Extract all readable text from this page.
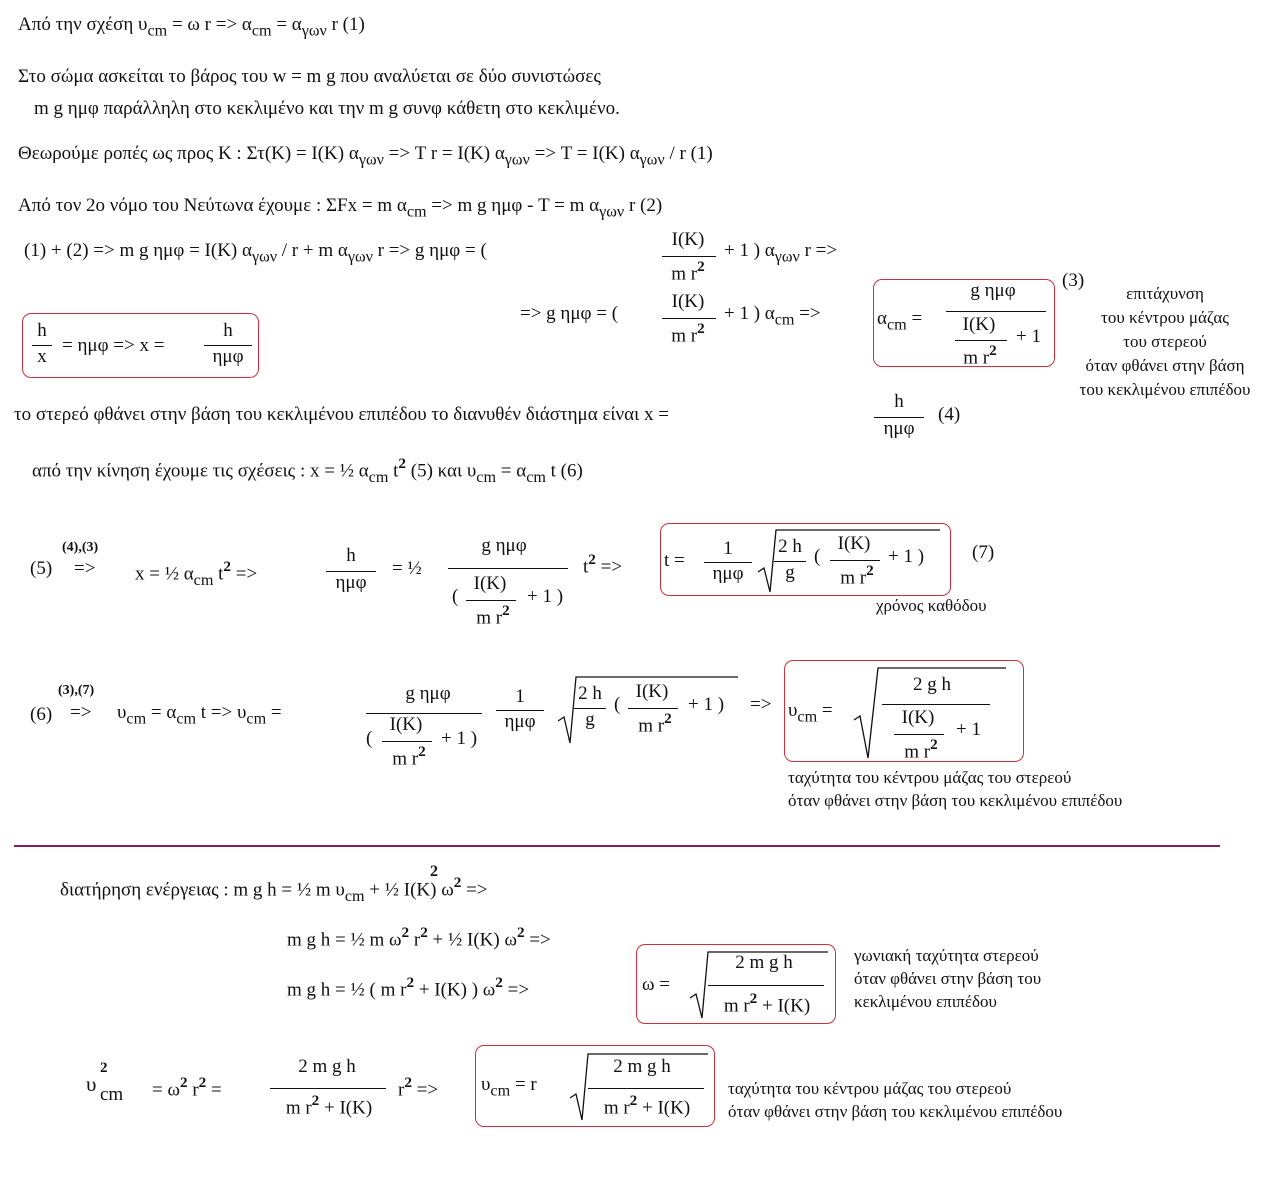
Από την σχέση $\upsilon_{cm} = \omega$ $r => \alpha_{cm} = \alpha_{\gamma\omega\nu}$ r (1)
Στο σώμα ασκείται το βάρος του w = m g που αναλύεται σε δύο συνιστώσες
m g ημφ παράλληλη στο κεκλιμένο και την m g συνφ κάθετη στο κεκλιμένο.
Θεωρούμε ροπές ως προς Κ : Στ(Κ) = Ι(Κ) $\alpha_{\gamma\omega\nu} => T$ r = I(K) $\alpha_{\gamma\omega\nu} => T = I(K)$ $\alpha_{\gamma\omega\nu}$ / r (1)
Από τον 2ο νόμο του Νεύτωνα έχουμε : ΣFx = m $\alpha_{cm} => m$ g ημφ - T = m $\alpha_{\gamma\omega\nu}$ r (2)
(1) + (2) => m g ημφ = I(K) $\alpha_{\gamma\omega\nu} / r + m$ $\alpha_{\gamma\omega\nu}$ r => g ημφ = (
I(K)
m $r^2$
+ 1 ) $\alpha_{\gamma\omega\nu}$ r =>
=> g ημφ = (
I(K)
m $r^2$
+ 1 ) $\alpha_{cm}$ =>	$\alpha_{cm}$ =
g ημφ
I(K)
m $r^2$
+ 1
(3)
επιτάχυνση
του κέντρου μάζας
του στερεού
όταν φθάνει στην βάση
του κεκλιμένου επιπέδου
h
x
= ημφ => x =
h
ημφ
το στερεό φθάνει στην βάση του κεκλιμένου επιπέδου το διανυθέν διάστημα είναι x =
h
ημφ
(4)
από την κίνηση έχουμε τις σχέσεις : x = ½ $\alpha_{cm}$ $t^2$ (5) και $\upsilon_{cm} = \alpha_{cm}$ t (6)
(5)
(4),(3)
=> x = ½ $\alpha_{cm}$ $t^2$ =>
h
ημφ
= ½
g ημφ
(
I(K)
m $r^2$
+ 1 )
$t^2 => t$ =
1
ημφ
2 h
g
(
I(K)
m $r^2$
+ 1 )	(7)
χρόνος καθόδου
(6)
(3),(7)
=> $\upsilon_{cm} = \alpha_{cm}$ $t => \upsilon_{cm}$ =
g ημφ
(
I(K)
m $r^2$
+ 1 )
1
ημφ
2 h
g
(
I(K)
m $r^2$
+ 1 ) => $\upsilon_{cm}$ =
2 g h
I(K)
m $r^2$
+ 1
ταχύτητα του κέντρου μάζας του στερεού
όταν φθάνει στην βάση του κεκλιμένου επιπέδου
διατήρηση ενέργειας : m g h = ½ m $\upsilon_{cm}$ + ½ I(K) $\omega^2$ =>
2
m g h = ½ m $\omega^2$ $r^2$ + ½ I(K) $\omega^2$ =>
m g h = ½ ( m $r^2 + I(K)$ ) $\omega^2$ =>	ω =
2 m g h
m $r^2 + I(K)$
γωνιακή ταχύτητα στερεού
όταν φθάνει στην βάση του
κεκλιμένου επιπέδου
υ
2
cm = $\omega^2$ $r^2$ =
2 m g h
m $r^2 + I(K)$
$r^2 => \upsilon_{cm} = r$
2 m g h
m $r^2 + I(K)$
ταχύτητα του κέντρου μάζας του στερεού
όταν φθάνει στην βάση του κεκλιμένου επιπέδου
